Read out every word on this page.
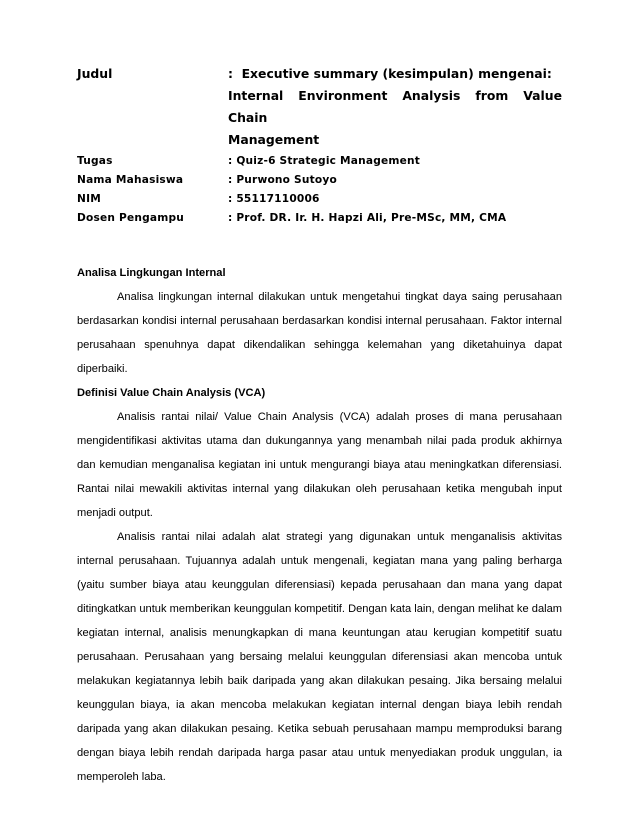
Judul	: Executive summary (kesimpulan) mengenai:
Internal Environment Analysis from Value Chain
Management
Tugas	: Quiz-6 Strategic Management
Nama Mahasiswa	: Purwono Sutoyo
NIM	: 55117110006
Dosen Pengampu	: Prof. DR. Ir. H. Hapzi Ali, Pre-MSc, MM, CMA

Analisa Lingkungan Internal

Analisa lingkungan internal dilakukan untuk mengetahui tingkat daya saing perusahaan berdasarkan kondisi internal perusahaan berdasarkan kondisi internal perusahaan. Faktor internal perusahaan spenuhnya dapat dikendalikan sehingga kelemahan yang diketahuinya dapat diperbaiki.

Definisi Value Chain Analysis (VCA)

Analisis rantai nilai/ Value Chain Analysis (VCA) adalah proses di mana perusahaan mengidentifikasi aktivitas utama dan dukungannya yang menambah nilai pada produk akhirnya dan kemudian menganalisa kegiatan ini untuk mengurangi biaya atau meningkatkan diferensiasi. Rantai nilai mewakili aktivitas internal yang dilakukan oleh perusahaan ketika mengubah input menjadi output.

Analisis rantai nilai adalah alat strategi yang digunakan untuk menganalisis aktivitas internal perusahaan. Tujuannya adalah untuk mengenali, kegiatan mana yang paling berharga (yaitu sumber biaya atau keunggulan diferensiasi) kepada perusahaan dan mana yang dapat ditingkatkan untuk memberikan keunggulan kompetitif. Dengan kata lain, dengan melihat ke dalam kegiatan internal, analisis menungkapkan di mana keuntungan atau kerugian kompetitif suatu perusahaan. Perusahaan yang bersaing melalui keunggulan diferensiasi akan mencoba untuk melakukan kegiatannya lebih baik daripada yang akan dilakukan pesaing. Jika bersaing melalui keunggulan biaya, ia akan mencoba melakukan kegiatan internal dengan biaya lebih rendah daripada yang akan dilakukan pesaing. Ketika sebuah perusahaan mampu memproduksi barang dengan biaya lebih rendah daripada harga pasar atau untuk menyediakan produk unggulan, ia memperoleh laba.
